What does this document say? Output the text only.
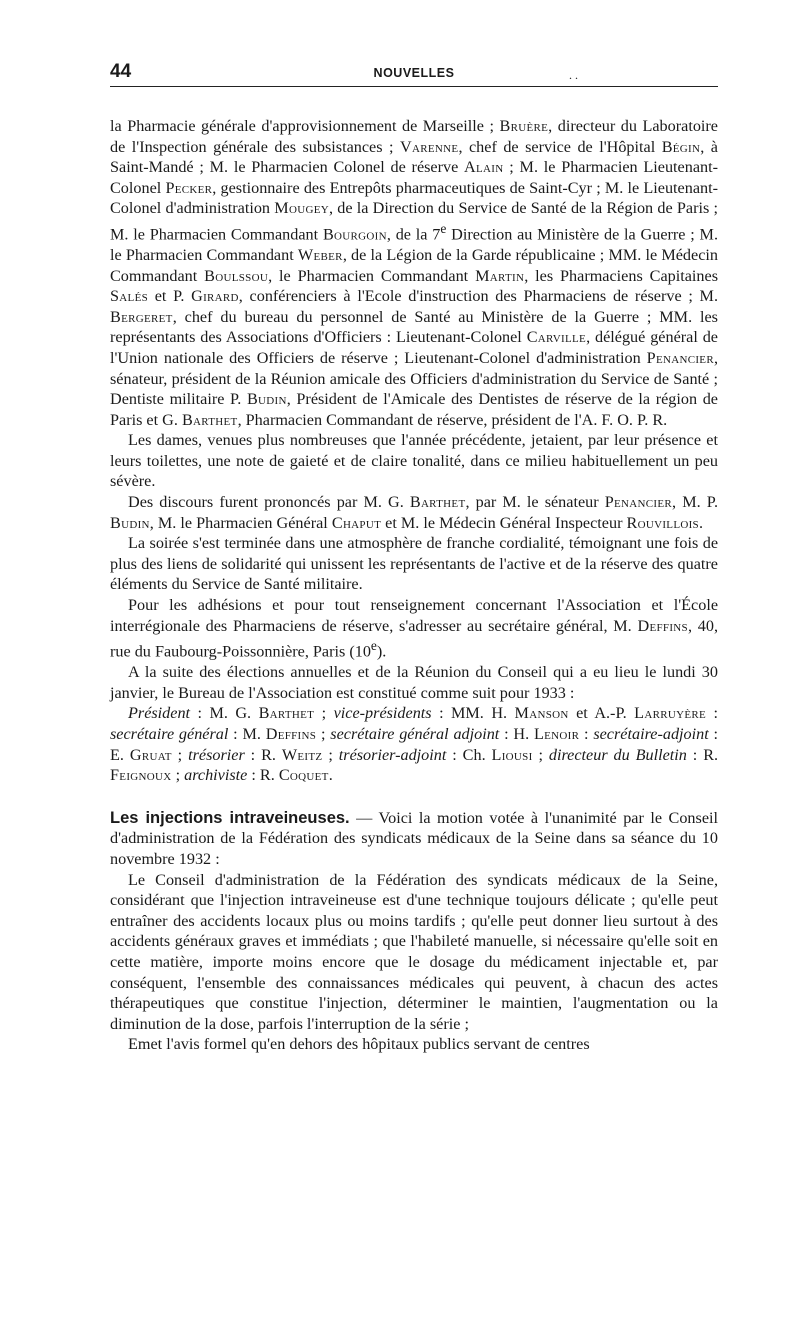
44	NOUVELLES	. .

la Pharmacie générale d'approvisionnement de Marseille ; Bruère, directeur du Laboratoire de l'Inspection générale des subsistances ; Varenne, chef de service de l'Hôpital Bégin, à Saint-Mandé ; M. le Pharmacien Colonel de réserve Alain ; M. le Pharmacien Lieutenant-Colonel Pecker, gestionnaire des Entrepôts pharmaceutiques de Saint-Cyr ; M. le Lieutenant-Colonel d'administration Mougey, de la Direction du Service de Santé de la Région de Paris ; M. le Pharmacien Commandant Bourgoin, de la 7e Direction au Ministère de la Guerre ; M. le Pharmacien Commandant Weber, de la Légion de la Garde républicaine ; MM. le Médecin Commandant Boulssou, le Pharmacien Commandant Martin, les Pharmaciens Capitaines Salés et P. Girard, conférenciers à l'Ecole d'instruction des Pharmaciens de réserve ; M. Bergeret, chef du bureau du personnel de Santé au Ministère de la Guerre ; MM. les représentants des Associations d'Officiers : Lieutenant-Colonel Carville, délégué général de l'Union nationale des Officiers de réserve ; Lieutenant-Colonel d'administration Penancier, sénateur, président de la Réunion amicale des Officiers d'administration du Service de Santé ; Dentiste militaire P. Budin, Président de l'Amicale des Dentistes de réserve de la région de Paris et G. Barthet, Pharmacien Commandant de réserve, président de l'A. F. O. P. R.

Les dames, venues plus nombreuses que l'année précédente, jetaient, par leur présence et leurs toilettes, une note de gaieté et de claire tonalité, dans ce milieu habituellement un peu sévère.

Des discours furent prononcés par M. G. Barthet, par M. le sénateur Penancier, M. P. Budin, M. le Pharmacien Général Chaput et M. le Médecin Général Inspecteur Rouvillois.

La soirée s'est terminée dans une atmosphère de franche cordialité, témoignant une fois de plus des liens de solidarité qui unissent les représentants de l'active et de la réserve des quatre éléments du Service de Santé militaire.

Pour les adhésions et pour tout renseignement concernant l'Association et l'École interrégionale des Pharmaciens de réserve, s'adresser au secrétaire général, M. Deffins, 40, rue du Faubourg-Poissonnière, Paris (10e).

A la suite des élections annuelles et de la Réunion du Conseil qui a eu lieu le lundi 30 janvier, le Bureau de l'Association est constitué comme suit pour 1933 :

Président : M. G. Barthet ; vice-présidents : MM. H. Manson et A.-P. Larruyère : secrétaire général : M. Deffins ; secrétaire général adjoint : H. Lenoir : secrétaire-adjoint : E. Gruat ; trésorier : R. Weitz ; trésorier-adjoint : Ch. Liousi ; directeur du Bulletin : R. Feignoux ; archiviste : R. Coquet.

Les injections intraveineuses. — Voici la motion votée à l'unanimité par le Conseil d'administration de la Fédération des syndicats médicaux de la Seine dans sa séance du 10 novembre 1932 :

Le Conseil d'administration de la Fédération des syndicats médicaux de la Seine, considérant que l'injection intraveineuse est d'une technique toujours délicate ; qu'elle peut entraîner des accidents locaux plus ou moins tardifs ; qu'elle peut donner lieu surtout à des accidents généraux graves et immédiats ; que l'habileté manuelle, si nécessaire qu'elle soit en cette matière, importe moins encore que le dosage du médicament injectable et, par conséquent, l'ensemble des connaissances médicales qui peuvent, à chacun des actes thérapeutiques que constitue l'injection, déterminer le maintien, l'augmentation ou la diminution de la dose, parfois l'interruption de la série ;

Emet l'avis formel qu'en dehors des hôpitaux publics servant de centres
